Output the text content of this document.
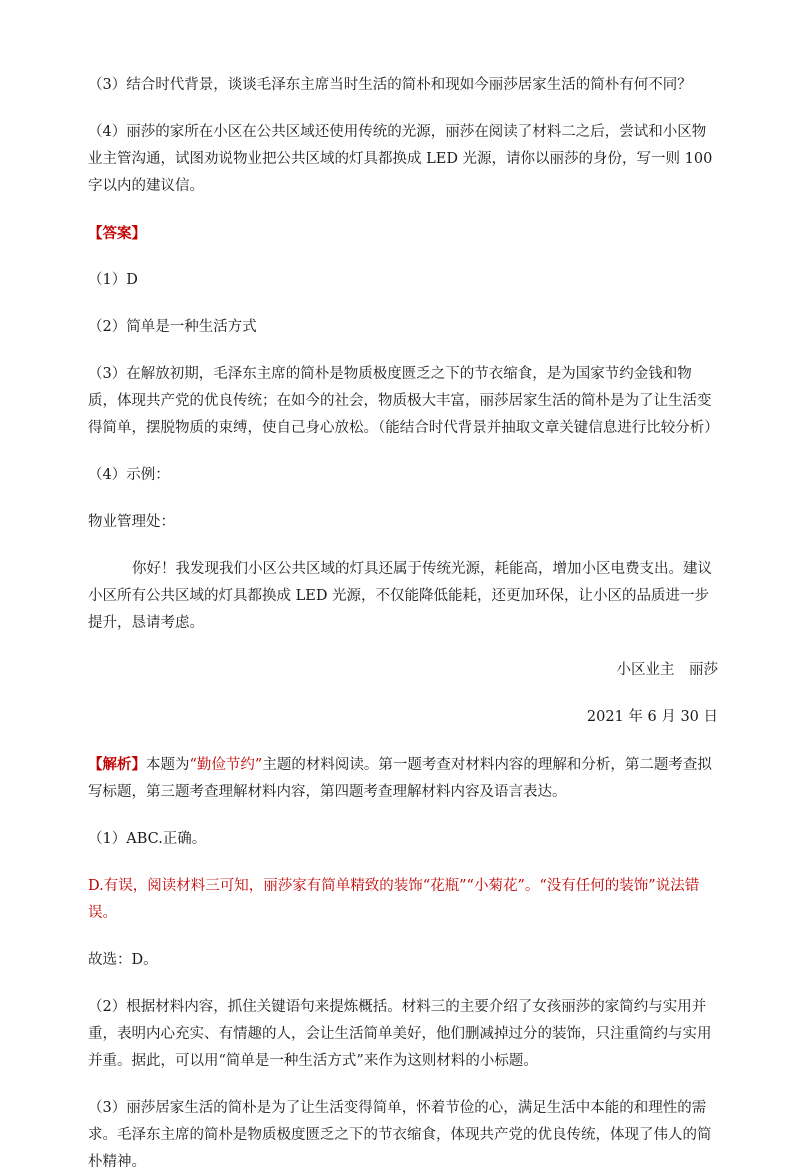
（3）结合时代背景，谈谈毛泽东主席当时生活的简朴和现如今丽莎居家生活的简朴有何不同？

（4）丽莎的家所在小区在公共区域还使用传统的光源，丽莎在阅读了材料二之后，尝试和小区物业主管沟通，试图劝说物业把公共区域的灯具都换成 LED 光源，请你以丽莎的身份，写一则 100 字以内的建议信。

【答案】

（1）D

（2）简单是一种生活方式

（3）在解放初期，毛泽东主席的简朴是物质极度匮乏之下的节衣缩食，是为国家节约金钱和物质，体现共产党的优良传统；在如今的社会，物质极大丰富，丽莎居家生活的简朴是为了让生活变得简单，摆脱物质的束缚，使自己身心放松。（能结合时代背景并抽取文章关键信息进行比较分析）

（4）示例：

物业管理处：

你好！我发现我们小区公共区域的灯具还属于传统光源，耗能高，增加小区电费支出。建议小区所有公共区域的灯具都换成 LED 光源，不仅能降低能耗，还更加环保，让小区的品质进一步提升，恳请考虑。

小区业主　丽莎

2021 年 6 月 30 日

【解析】本题为“勤俭节约”主题的材料阅读。第一题考查对材料内容的理解和分析，第二题考查拟写标题，第三题考查理解材料内容，第四题考查理解材料内容及语言表达。

（1）ABC.正确。

D.有误，阅读材料三可知，丽莎家有简单精致的装饰“花瓶”“小菊花”。“没有任何的装饰”说法错误。

故选：D。

（2）根据材料内容，抓住关键语句来提炼概括。材料三的主要介绍了女孩丽莎的家简约与实用并重，表明内心充实、有情趣的人，会让生活简单美好，他们删减掉过分的装饰，只注重简约与实用并重。据此，可以用“简单是一种生活方式”来作为这则材料的小标题。

（3）丽莎居家生活的简朴是为了让生活变得简单，怀着节俭的心，满足生活中本能的和理性的需求。毛泽东主席的简朴是物质极度匮乏之下的节衣缩食，体现共产党的优良传统，体现了伟人的简朴精神。
